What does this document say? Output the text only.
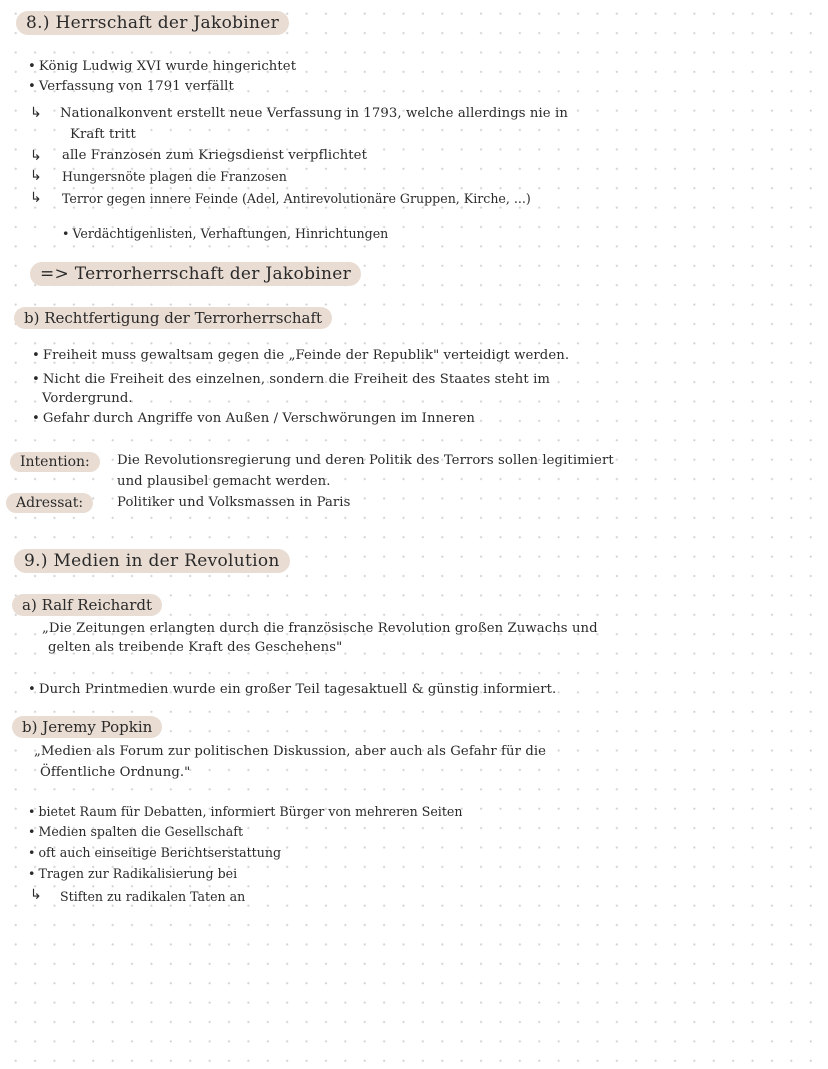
8.) Herrschaft der Jakobiner
• König Ludwig XVI wurde hingerichtet
• Verfassung von 1791 verfällt
↳ Nationalkonvent erstellt neue Verfassung in 1793, welche allerdings nie in
Kraft tritt
↳ alle Franzosen zum Kriegsdienst verpflichtet
↳ Hungersnöte plagen die Franzosen
↳ Terror gegen innere Feinde (Adel, Antirevolutionäre Gruppen, Kirche, ...)
• Verdächtigenlisten, Verhaftungen, Hinrichtungen
=> Terrorherrschaft der Jakobiner
b) Rechtfertigung der Terrorherrschaft
• Freiheit muss gewaltsam gegen die „Feinde der Republik" verteidigt werden.
• Nicht die Freiheit des einzelnen, sondern die Freiheit des Staates steht im
Vordergrund.
• Gefahr durch Angriffe von Außen / Verschwörungen im Inneren
Intention:	Die Revolutionsregierung und deren Politik des Terrors sollen legitimiert
und plausibel gemacht werden.
Adressat:	Politiker und Volksmassen in Paris
9.) Medien in der Revolution
a) Ralf Reichardt
„Die Zeitungen erlangten durch die französische Revolution großen Zuwachs und
gelten als treibende Kraft des Geschehens"
• Durch Printmedien wurde ein großer Teil tagesaktuell & günstig informiert.
b) Jeremy Popkin
„Medien als Forum zur politischen Diskussion, aber auch als Gefahr für die
Öffentliche Ordnung."
• bietet Raum für Debatten, informiert Bürger von mehreren Seiten
• Medien spalten die Gesellschaft
• oft auch einseitige Berichtserstattung
• Tragen zur Radikalisierung bei
↳ Stiften zu radikalen Taten an
